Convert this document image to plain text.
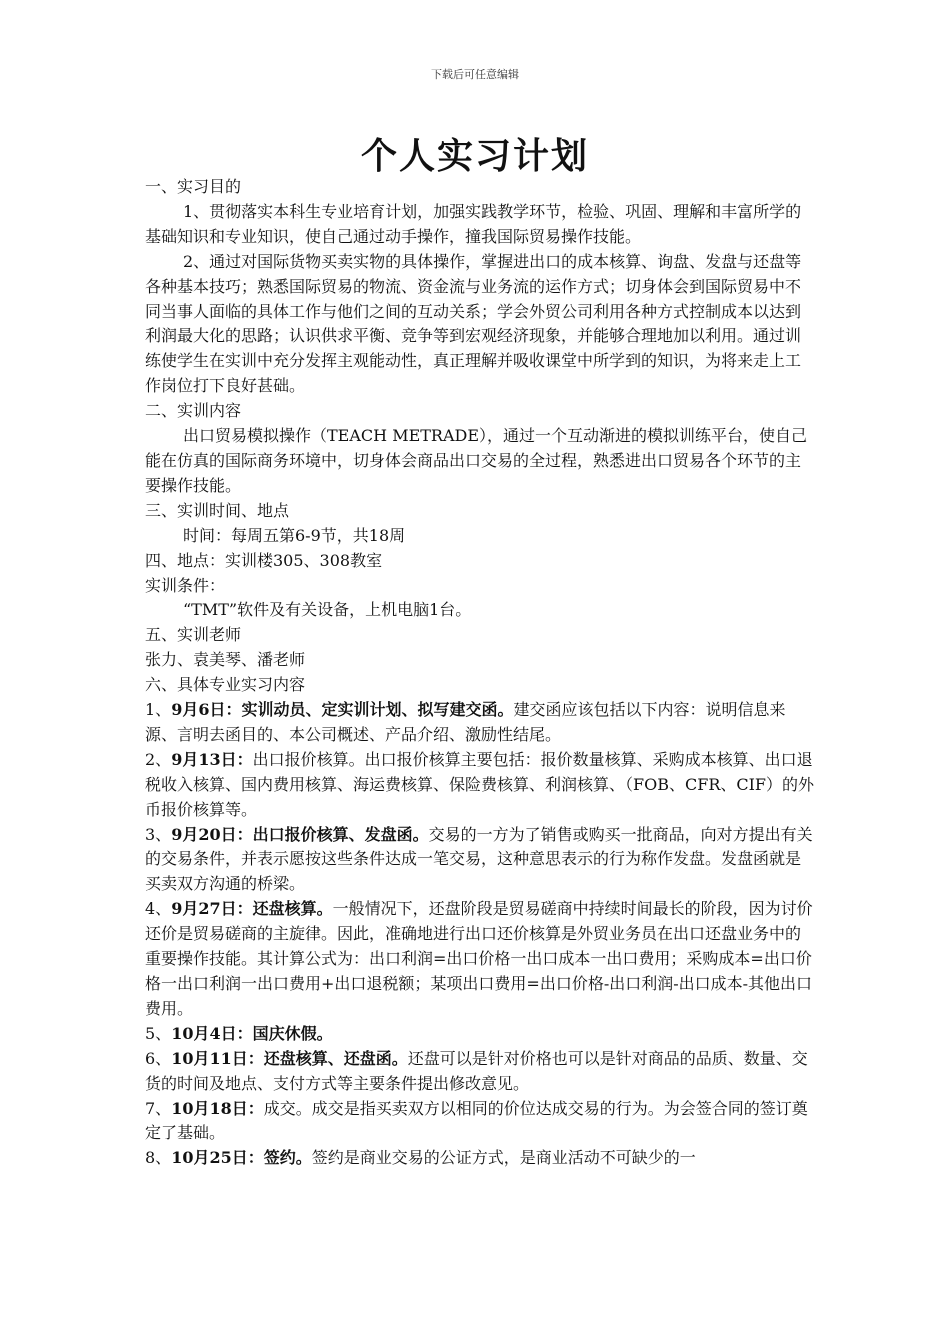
下载后可任意编辑
个人实习计划

一、实习目的

1、贯彻落实本科生专业培育计划，加强实践教学环节，检验、巩固、理解和丰富所学的基础知识和专业知识，使自己通过动手操作，撞我国际贸易操作技能。

2、通过对国际货物买卖实物的具体操作，掌握进出口的成本核算、询盘、发盘与还盘等各种基本技巧；熟悉国际贸易的物流、资金流与业务流的运作方式；切身体会到国际贸易中不同当事人面临的具体工作与他们之间的互动关系；学会外贸公司利用各种方式控制成本以达到利润最大化的思路；认识供求平衡、竞争等到宏观经济现象，并能够合理地加以利用。通过训练使学生在实训中充分发挥主观能动性，真正理解并吸收课堂中所学到的知识，为将来走上工作岗位打下良好甚础。

二、实训内容

出口贸易模拟操作（TEACH METRADE），通过一个互动渐进的模拟训练平台，使自己能在仿真的国际商务环境中，切身体会商品出口交易的全过程，熟悉进出口贸易各个环节的主要操作技能。

三、实训时间、地点

时间：每周五第6-9节，共18周

四、地点：实训楼305、308教室

实训条件：

“TMT”软件及有关设备，上机电脑1台。

五、实训老师

张力、袁美琴、潘老师

六、具体专业实习内容

1、9月6日：实训动员、定实训计划、拟写建交函。建交函应该包括以下内容：说明信息来源、言明去函目的、本公司概述、产品介绍、激励性结尾。

2、9月13日：出口报价核算。出口报价核算主要包括：报价数量核算、采购成本核算、出口退税收入核算、国内费用核算、海运费核算、保险费核算、利润核算、（FOB、CFR、CIF）的外币报价核算等。

3、9月20日：出口报价核算、发盘函。交易的一方为了销售或购买一批商品，向对方提出有关的交易条件，并表示愿按这些条件达成一笔交易，这种意思表示的行为称作发盘。发盘函就是买卖双方沟通的桥梁。

4、9月27日：还盘核算。一般情况下，还盘阶段是贸易磋商中持续时间最长的阶段，因为讨价还价是贸易磋商的主旋律。因此，准确地进行出口还价核算是外贸业务员在出口还盘业务中的重要操作技能。其计算公式为：出口利润=出口价格一出口成本一出口费用；采购成本=出口价格一出口利润一出口费用+出口退税额；某项出口费用=出口价格-出口利润-出口成本-其他出口费用。

5、10月4日：国庆休假。

6、10月11日：还盘核算、还盘函。还盘可以是针对价格也可以是针对商品的品质、数量、交货的时间及地点、支付方式等主要条件提出修改意见。

7、10月18日：成交。成交是指买卖双方以相同的价位达成交易的行为。为会签合同的签订奠定了基础。

8、10月25日：签约。签约是商业交易的公证方式，是商业活动不可缺少的一
